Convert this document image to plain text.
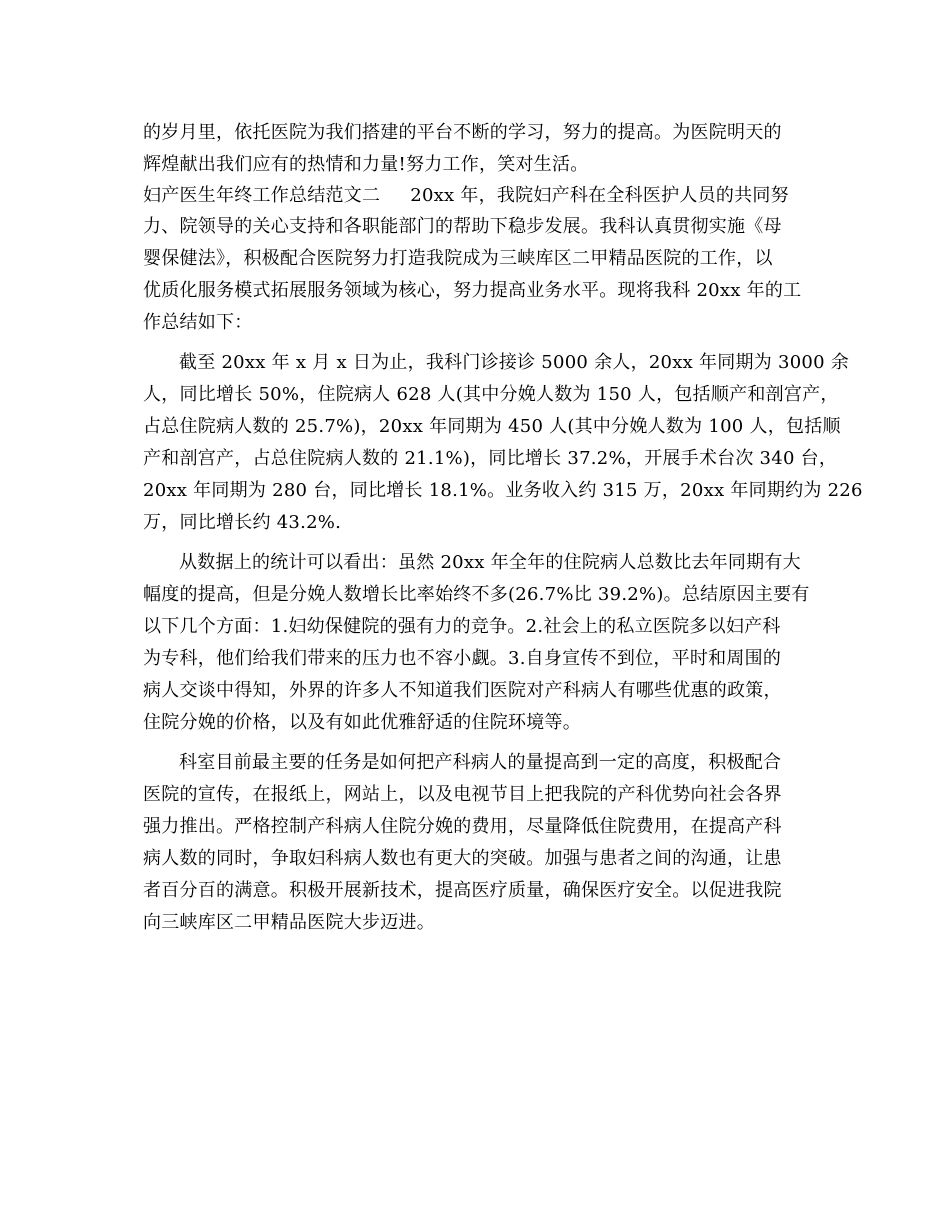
的岁月里，依托医院为我们搭建的平台不断的学习，努力的提高。为医院明天的
辉煌献出我们应有的热情和力量!努力工作，笑对生活。
妇产医生年终工作总结范文二 20xx 年，我院妇产科在全科医护人员的共同努
力、院领导的关心支持和各职能部门的帮助下稳步发展。我科认真贯彻实施《母
婴保健法》，积极配合医院努力打造我院成为三峡库区二甲精品医院的工作，以
优质化服务模式拓展服务领域为核心，努力提高业务水平。现将我科 20xx 年的工
作总结如下：
截至 20xx 年 x 月 x 日为止，我科门诊接诊 5000 余人，20xx 年同期为 3000 余
人，同比增长 50%，住院病人 628 人(其中分娩人数为 150 人，包括顺产和剖宫产，
占总住院病人数的 25.7%)，20xx 年同期为 450 人(其中分娩人数为 100 人，包括顺
产和剖宫产，占总住院病人数的 21.1%)，同比增长 37.2%，开展手术台次 340 台，
20xx 年同期为 280 台，同比增长 18.1%。业务收入约 315 万，20xx 年同期约为 226
万，同比增长约 43.2%.
从数据上的统计可以看出：虽然 20xx 年全年的住院病人总数比去年同期有大
幅度的提高，但是分娩人数增长比率始终不多(26.7%比 39.2%)。总结原因主要有
以下几个方面：1.妇幼保健院的强有力的竞争。2.社会上的私立医院多以妇产科
为专科，他们给我们带来的压力也不容小觑。3.自身宣传不到位，平时和周围的
病人交谈中得知，外界的许多人不知道我们医院对产科病人有哪些优惠的政策，
住院分娩的价格，以及有如此优雅舒适的住院环境等。
科室目前最主要的任务是如何把产科病人的量提高到一定的高度，积极配合
医院的宣传，在报纸上，网站上，以及电视节目上把我院的产科优势向社会各界
强力推出。严格控制产科病人住院分娩的费用，尽量降低住院费用，在提高产科
病人数的同时，争取妇科病人数也有更大的突破。加强与患者之间的沟通，让患
者百分百的满意。积极开展新技术，提高医疗质量，确保医疗安全。以促进我院
向三峡库区二甲精品医院大步迈进。
